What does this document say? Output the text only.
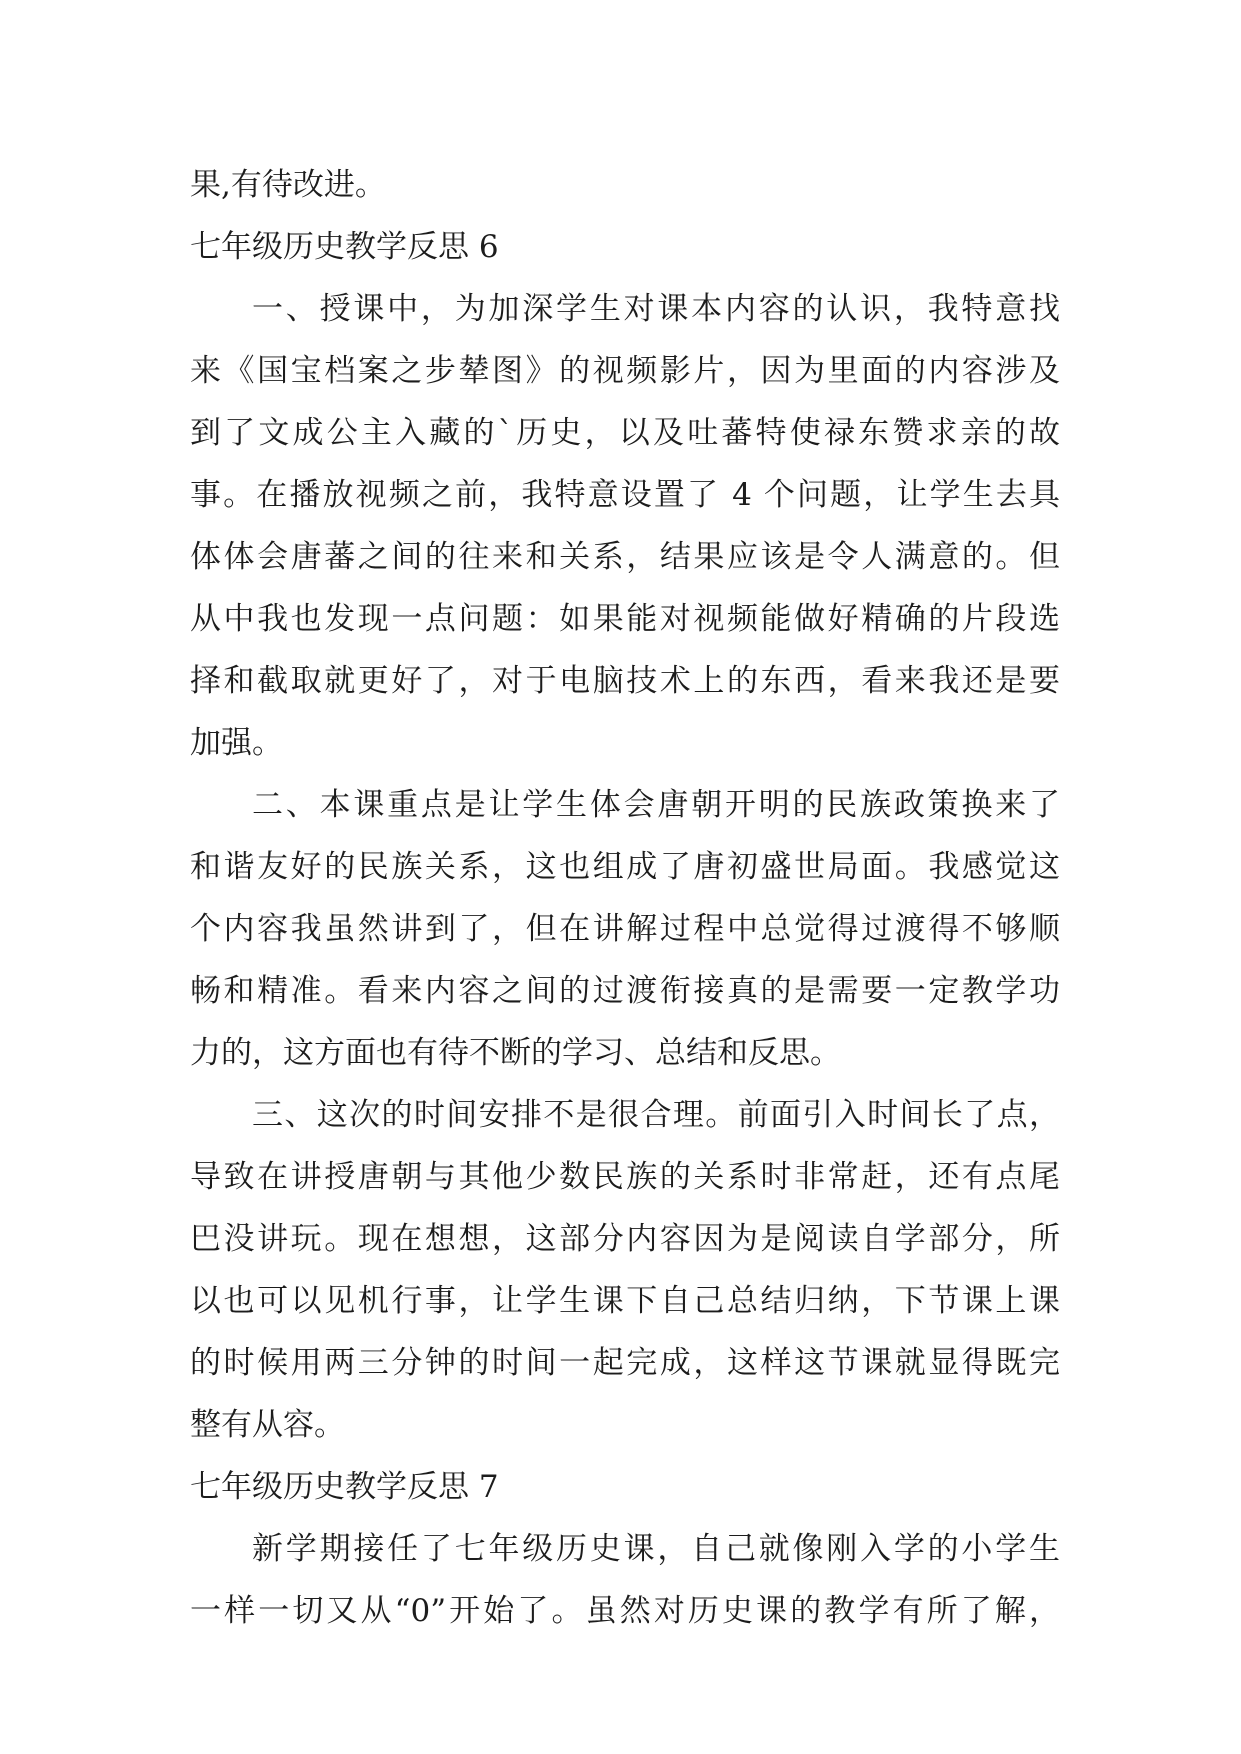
果,有待改进。
七年级历史教学反思 6
一、授课中，为加深学生对课本内容的认识，我特意找
来《国宝档案之步辇图》的视频影片，因为里面的内容涉及
到了文成公主入藏的`历史，以及吐蕃特使禄东赞求亲的故
事。在播放视频之前，我特意设置了 4 个问题，让学生去具
体体会唐蕃之间的往来和关系，结果应该是令人满意的。但
从中我也发现一点问题：如果能对视频能做好精确的片段选
择和截取就更好了，对于电脑技术上的东西，看来我还是要
加强。
二、本课重点是让学生体会唐朝开明的民族政策换来了
和谐友好的民族关系，这也组成了唐初盛世局面。我感觉这
个内容我虽然讲到了，但在讲解过程中总觉得过渡得不够顺
畅和精准。看来内容之间的过渡衔接真的是需要一定教学功
力的，这方面也有待不断的学习、总结和反思。
三、这次的时间安排不是很合理。前面引入时间长了点，
导致在讲授唐朝与其他少数民族的关系时非常赶，还有点尾
巴没讲玩。现在想想，这部分内容因为是阅读自学部分，所
以也可以见机行事，让学生课下自己总结归纳，下节课上课
的时候用两三分钟的时间一起完成，这样这节课就显得既完
整有从容。
七年级历史教学反思 7
新学期接任了七年级历史课，自己就像刚入学的小学生
一样一切又从“0”开始了。虽然对历史课的教学有所了解，
